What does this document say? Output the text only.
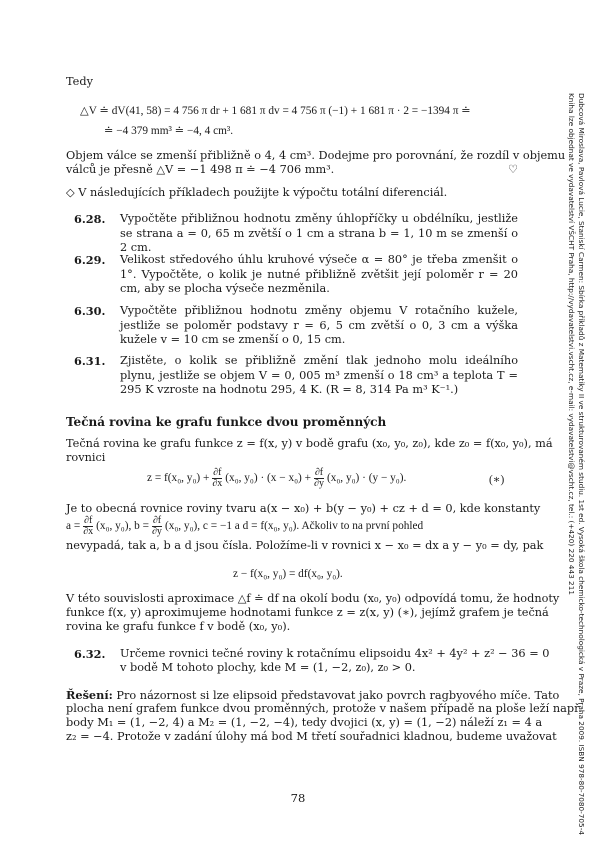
Tedy
△V ≐ dV(41, 58) = 4 756 π dr + 1 681 π dv = 4 756 π (−1) + 1 681 π · 2 = −1394 π ≐
≐ −4 379 mm³ ≐ −4, 4 cm³.
Objem válce se zmenší přibližně o 4, 4 cm³. Dodejme pro porovnání, že rozdíl v objemu
válců je přesně △V = −1 498 π ≐ −4 706 mm³.	♡
◇ V následujících příkladech použijte k výpočtu totální diferenciál.
6.28. Vypočtěte přibližnou hodnotu změny úhlopříčky u obdélníku, jestliže se strana a = 0, 65 m zvětší o 1 cm a strana b = 1, 10 m se zmenší o 2 cm.
6.29. Velikost středového úhlu kruhové výseče α = 80° je třeba zmenšit o 1°. Vypočtěte, o kolik je nutné přibližně zvětšit její poloměr r = 20 cm, aby se plocha výseče nezměnila.
6.30. Vypočtěte přibližnou hodnotu změny objemu V rotačního kužele, jestliže se poloměr podstavy r = 6, 5 cm zvětší o 0, 3 cm a výška kužele v = 10 cm se zmenší o 0, 15 cm.
6.31. Zjistěte, o kolik se přibližně změní tlak jednoho molu ideálního plynu, jestliže se objem V = 0, 005 m³ zmenší o 18 cm³ a teplota T = 295 K vzroste na hodnotu 295, 4 K. (R = 8, 314 Pa m³ K⁻¹.)
Tečná rovina ke grafu funkce dvou proměnných
Tečná rovina ke grafu funkce z = f(x, y) v bodě grafu (x₀, y₀, z₀), kde z₀ = f(x₀, y₀), má
rovnici
z = f(x₀, $y_0) + \frac{\partial f}{\partial x} (x_0$, $y_0) \cdot (x - x_0) + \frac{\partial f}{\partial y} (x_0$, y₀) · (y − y₀).	(∗)
Je to obecná rovnice roviny tvaru a(x − x₀) + b(y − y₀) + cz + d = 0, kde konstanty
$a = \frac{\partial f}{\partial x} (x_0$, y₀), $b = \frac{\partial f}{\partial y} (x_0$, y₀), c = −1 a d = f(x₀, y₀). Ačkoliv to na první pohled
nevypadá, tak a, b a d jsou čísla. Položíme-li v rovnici x − x₀ = dx a y − y₀ = dy, pak
z − f(x₀, y₀) = df(x₀, y₀).
V této souvislosti aproximace △f ≐ df na okolí bodu (x₀, y₀) odpovídá tomu, že hodnoty
funkce f(x, y) aproximujeme hodnotami funkce z = z(x, y) (∗), jejímž grafem je tečná
rovina ke grafu funkce f v bodě (x₀, y₀).
6.32. Určeme rovnici tečné roviny k rotačnímu elipsoidu 4x² + 4y² + z² − 36 = 0
v bodě M tohoto plochy, kde M = (1, −2, z₀), z₀ > 0.
Řešení: Pro názornost si lze elipsoid představovat jako povrch ragbyového míče. Tato
plocha není grafem funkce dvou proměnných, protože v našem případě na ploše leží např.
body M₁ = (1, −2, 4) a M₂ = (1, −2, −4), tedy dvojici (x, y) = (1, −2) náleží z₁ = 4 a
z₂ = −4. Protože v zadání úlohy má bod M třetí souřadnici kladnou, budeme uvažovat
78	Dubcová Miroslava, Pavlová Lucie, Staniskí Carmen: Sbírka příkladů z Matematiky II ve strukturovaném studiu. 1st ed. Vysoká škola chemicko-technologická v Praze, Praha 2009. ISBN 978-80-7080-705-4
Kniha lze objednat ve vydavatelství VŠCHT Praha, http://vydavatelstvi.vscht.cz, e-mail: vydavatelstvi@vscht.cz, tel.: (+420) 220 443 211
